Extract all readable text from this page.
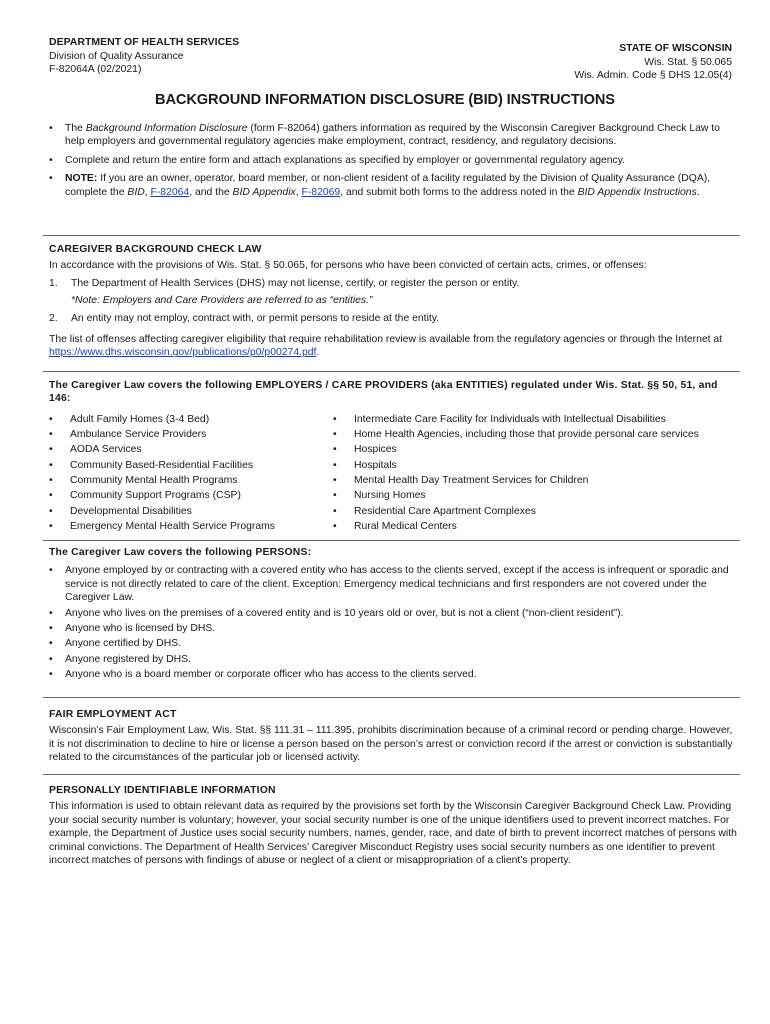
DEPARTMENT OF HEALTH SERVICES
Division of Quality Assurance
F-82064A (02/2021)
STATE OF WISCONSIN
Wis. Stat. § 50.065
Wis. Admin. Code § DHS 12.05(4)
BACKGROUND INFORMATION DISCLOSURE (BID) INSTRUCTIONS
• The Background Information Disclosure (form F-82064) gathers information as required by the Wisconsin Caregiver Background Check Law to help employers and governmental regulatory agencies make employment, contract, residency, and regulatory decisions.
• Complete and return the entire form and attach explanations as specified by employer or governmental regulatory agency.
• NOTE: If you are an owner, operator, board member, or non-client resident of a facility regulated by the Division of Quality Assurance (DQA), complete the BID, F-82064, and the BID Appendix, F-82069, and submit both forms to the address noted in the BID Appendix Instructions.
CAREGIVER BACKGROUND CHECK LAW
In accordance with the provisions of Wis. Stat. § 50.065, for persons who have been convicted of certain acts, crimes, or offenses:
1. The Department of Health Services (DHS) may not license, certify, or register the person or entity.
*Note: Employers and Care Providers are referred to as “entities.”
2. An entity may not employ, contract with, or permit persons to reside at the entity.
The list of offenses affecting caregiver eligibility that require rehabilitation review is available from the regulatory agencies or through the Internet at https://www.dhs.wisconsin.gov/publications/p0/p00274.pdf.
The Caregiver Law covers the following EMPLOYERS / CARE PROVIDERS (aka ENTITIES) regulated under Wis. Stat. §§ 50, 51, and 146:
• Adult Family Homes (3-4 Bed)
• Ambulance Service Providers
• AODA Services
• Community Based-Residential Facilities
• Community Mental Health Programs
• Community Support Programs (CSP)
• Developmental Disabilities
• Emergency Mental Health Service Programs
• Intermediate Care Facility for Individuals with Intellectual Disabilities
• Home Health Agencies, including those that provide personal care services
• Hospices
• Hospitals
• Mental Health Day Treatment Services for Children
• Nursing Homes
• Residential Care Apartment Complexes
• Rural Medical Centers
The Caregiver Law covers the following PERSONS:
• Anyone employed by or contracting with a covered entity who has access to the clients served, except if the access is infrequent or sporadic and service is not directly related to care of the client. Exception: Emergency medical technicians and first responders are not covered under the Caregiver Law.
• Anyone who lives on the premises of a covered entity and is 10 years old or over, but is not a client (“non-client resident”).
• Anyone who is licensed by DHS.
• Anyone certified by DHS.
• Anyone registered by DHS.
• Anyone who is a board member or corporate officer who has access to the clients served.
FAIR EMPLOYMENT ACT
Wisconsin’s Fair Employment Law, Wis. Stat. §§ 111.31 – 111.395, prohibits discrimination because of a criminal record or pending charge. However, it is not discrimination to decline to hire or license a person based on the person’s arrest or conviction record if the arrest or conviction is substantially related to the circumstances of the particular job or licensed activity.
PERSONALLY IDENTIFIABLE INFORMATION
This information is used to obtain relevant data as required by the provisions set forth by the Wisconsin Caregiver Background Check Law. Providing your social security number is voluntary; however, your social security number is one of the unique identifiers used to prevent incorrect matches. For example, the Department of Justice uses social security numbers, names, gender, race, and date of birth to prevent incorrect matches of persons with criminal convictions. The Department of Health Services’ Caregiver Misconduct Registry uses social security numbers as one identifier to prevent incorrect matches of persons with findings of abuse or neglect of a client or misappropriation of a client’s property.
